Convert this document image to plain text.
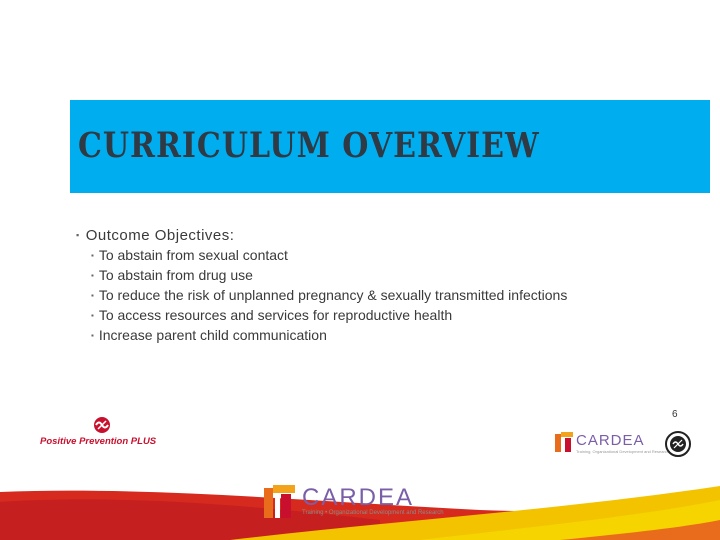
CURRICULUM OVERVIEW
▪ Outcome Objectives:
▪ To abstain from sexual contact
▪ To abstain from drug use
▪ To reduce the risk of unplanned pregnancy & sexually transmitted infections
▪ To access resources and services for reproductive health
▪ Increase parent child communication
6
Positive Prevention PLUS	CARDEA
Training, Organizational Development and Research
CARDEA
Training • Organizational Development and Research
